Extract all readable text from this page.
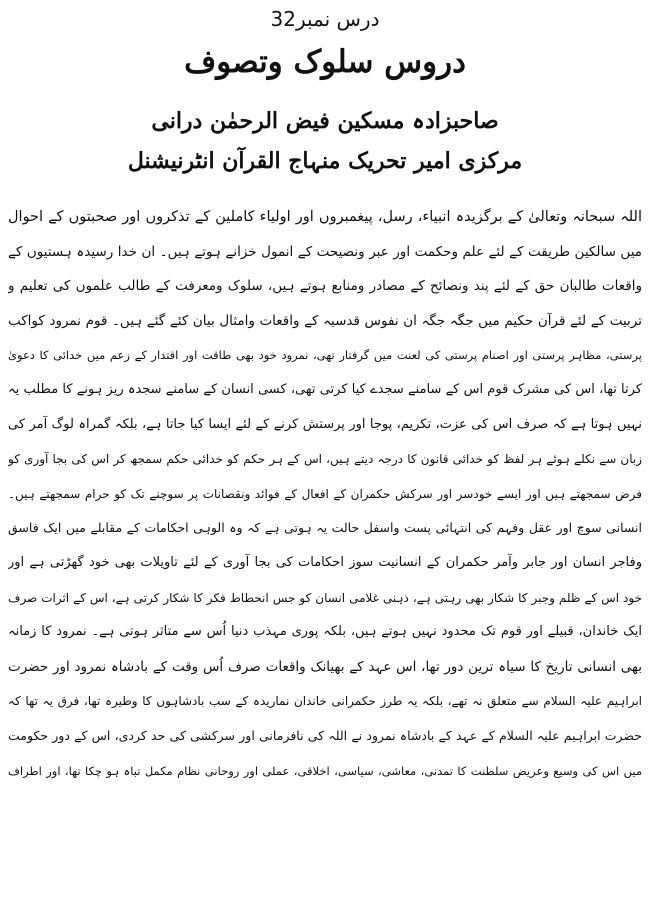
درس نمبر32
دروس سلوک وتصوف
صاحبزادہ مسکین فیض الرحمٰن درانی
مرکزی امیر تحریک منہاج القرآن انٹرنیشنل
اللہ سبحانہ وتعالیٰ کے برگزیدہ انبیاء، رسل، پیغمبروں اور اولیاء کاملین کے تذکروں اور صحبتوں کے احوال
میں سالکین طریقت کے لئے علم وحکمت اور عبر ونصیحت کے انمول خزانے ہوتے ہیں۔ ان خدا رسیدہ ہستیوں کے
واقعات طالبان حق کے لئے پند ونصائح کے مصادر ومنابع ہوتے ہیں، سلوک ومعرفت کے طالب علموں کی تعلیم و
تربیت کے لئے قرآن حکیم میں جگہ جگہ ان نفوس قدسیہ کے واقعات وامثال بیان کئے گئے ہیں۔ قوم نمرود کواکب
پرستی، مظاہر پرستی اور اصنام پرستی کی لعنت میں گرفتار تھی، نمرود خود بھی طاقت اور اقتدار کے زعم میں خدائی کا دعویٰ
کرتا تھا، اس کی مشرک قوم اس کے سامنے سجدے کیا کرتی تھی، کسی انسان کے سامنے سجدہ ریز ہونے کا مطلب یہ
نہیں ہوتا ہے کہ صرف اس کی عزت، تکریم، پوجا اور پرستش کرنے کے لئے ایسا کیا جاتا ہے، بلکہ گمراہ لوگ آمر کی
زبان سے نکلے ہوئے ہر لفظ کو خدائی قانون کا درجہ دیتے ہیں، اس کے ہر حکم کو خدائی حکم سمجھ کر اس کی بجا آوری کو
فرض سمجھتے ہیں اور ایسے خودسر اور سرکش حکمران کے افعال کے فوائد ونقصانات پر سوچنے تک کو حرام سمجھتے ہیں۔
انسانی سوچ اور عقل وفہم کی انتہائی پست واسفل حالت یہ ہوتی ہے کہ وہ الوہی احکامات کے مقابلے میں ایک فاسق
وفاجر انسان اور جابر وآمر حکمران کے انسانیت سوز احکامات کی بجا آوری کے لئے تاویلات بھی خود گھڑتی ہے اور
خود اس کے ظلم وجبر کا شکار بھی رہتی ہے، ذہنی غلامی انسان کو جس انحطاط فکر کا شکار کرتی ہے، اس کے اثرات صرف
ایک خاندان، قبیلے اور قوم تک محدود نہیں ہوتے ہیں، بلکہ پوری مہذب دنیا اُس سے متاثر ہوتی ہے۔ نمرود کا زمانہ
بھی انسانی تاریخ کا سیاہ ترین دور تھا، اس عہد کے بھیانک واقعات صرف اُس وقت کے بادشاہ نمرود اور حضرت
ابراہیم علیہ السلام سے متعلق نہ تھے، بلکہ یہ طرز حکمرانی خاندان نماریدہ کے سب بادشاہوں کا وطیرہ تھا، فرق یہ تھا کہ
حضرت ابراہیم علیہ السلام کے عہد کے بادشاہ نمرود نے اللہ کی نافرمانی اور سرکشی کی حد کردی، اس کے دور حکومت
میں اس کی وسیع وعریض سلطنت کا تمدنی، معاشی، سیاسی، اخلاقی، عملی اور روحانی نظام مکمل تباہ ہو چکا تھا، اور اطراف
